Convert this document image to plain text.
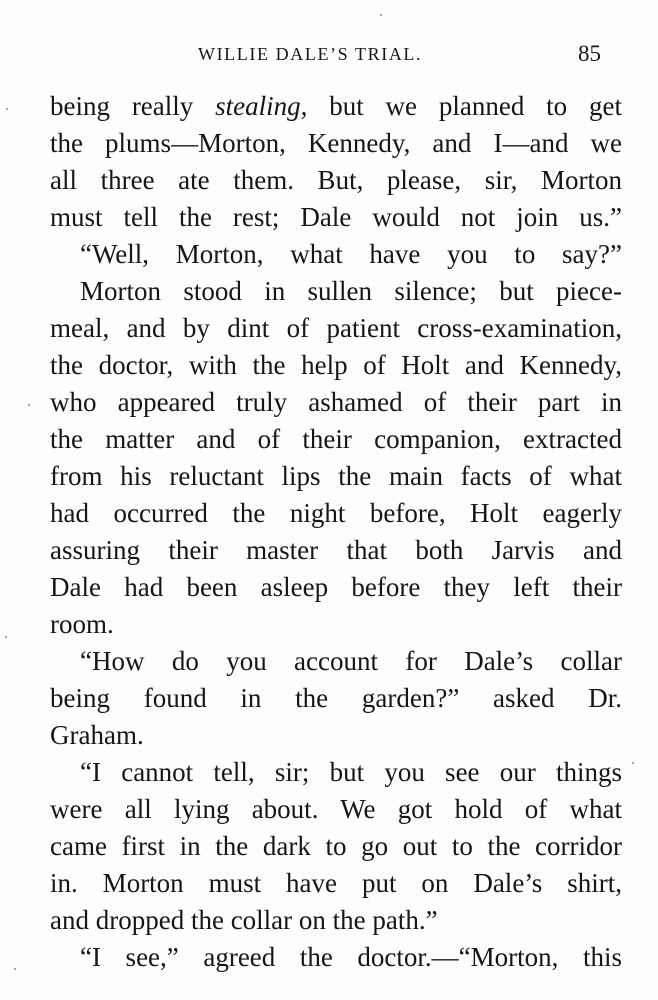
WILLIE DALE’S TRIAL.	85
being really stealing, but we planned to get
the plums—Morton, Kennedy, and I—and we
all three ate them. But, please, sir, Morton
must tell the rest; Dale would not join us.”
“Well, Morton, what have you to say?”
Morton stood in sullen silence; but piece-
meal, and by dint of patient cross-examination,
the doctor, with the help of Holt and Kennedy,
who appeared truly ashamed of their part in
the matter and of their companion, extracted
from his reluctant lips the main facts of what
had occurred the night before, Holt eagerly
assuring their master that both Jarvis and
Dale had been asleep before they left their
room.
“How do you account for Dale’s collar
being found in the garden?” asked Dr.
Graham.
“I cannot tell, sir; but you see our things
were all lying about. We got hold of what
came first in the dark to go out to the corridor
in. Morton must have put on Dale’s shirt,
and dropped the collar on the path.”
“I see,” agreed the doctor.—“Morton, this
